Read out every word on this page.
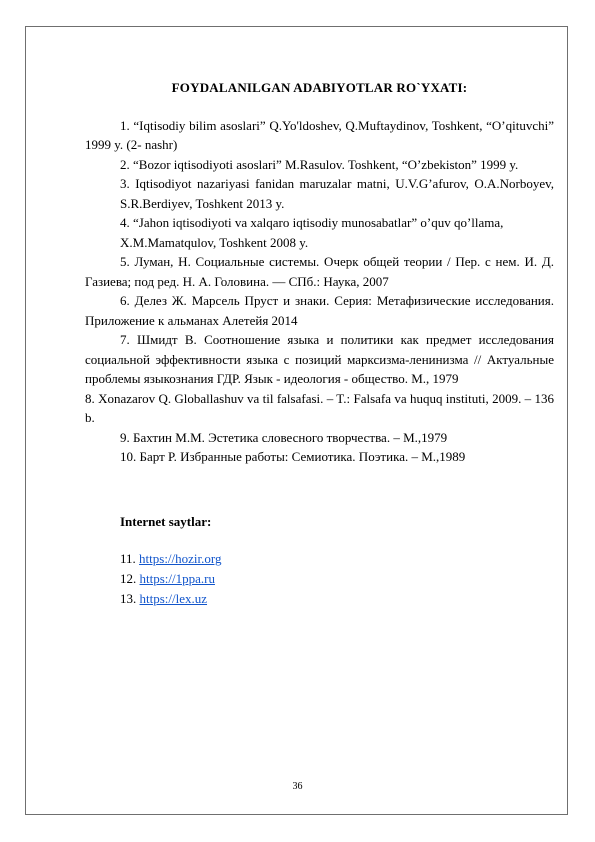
FOYDALANILGAN ADABIYOTLAR RO`YXATI:

1. “Iqtisodiy bilim asoslari” Q.Yo'ldoshev, Q.Muftaydinov, Toshkent, “O’qituvchi” 1999 y. (2- nashr)

2. “Bozor iqtisodiyoti asoslari” M.Rasulov. Toshkent, “O’zbekiston” 1999 y.

3. Iqtisodiyot nazariyasi fanidan maruzalar matni, U.V.G’afurov, O.A.Norboyev,

S.R.Berdiyev, Toshkent 2013 y.

4. “Jahon iqtisodiyoti va xalqaro iqtisodiy munosabatlar” o’quv qo’llama,

X.M.Mamatqulov, Toshkent 2008 y.

5. Луман, Н. Социальные системы. Очерк общей теории / Пер. с нем. И. Д. Газиева; под ред. Н. А. Головина. — СПб.: Наука, 2007

6. Делез Ж. Марсель Пруст и знаки. Серия: Метафизические исследования. Приложение к альманах Алетейя 2014

7. Шмидт В. Соотношение языка и политики как предмет исследования социальной эффективности языка с позиций марксизма-ленинизма // Актуальные проблемы языкознания ГДР. Язык - идеология - общество. М., 1979

8. Xonazarov Q. Globallashuv va til falsafasi. – T.: Falsafa va huquq instituti, 2009. – 136 b.

9. Бахтин М.М. Эстетика словесного творчества. – М.,1979

10. Барт Р. Избранные работы: Семиотика. Поэтика. – М.,1989

Internet saytlar:

11. https://hozir.org

12. https://1ppa.ru

13. https://lex.uz

36
